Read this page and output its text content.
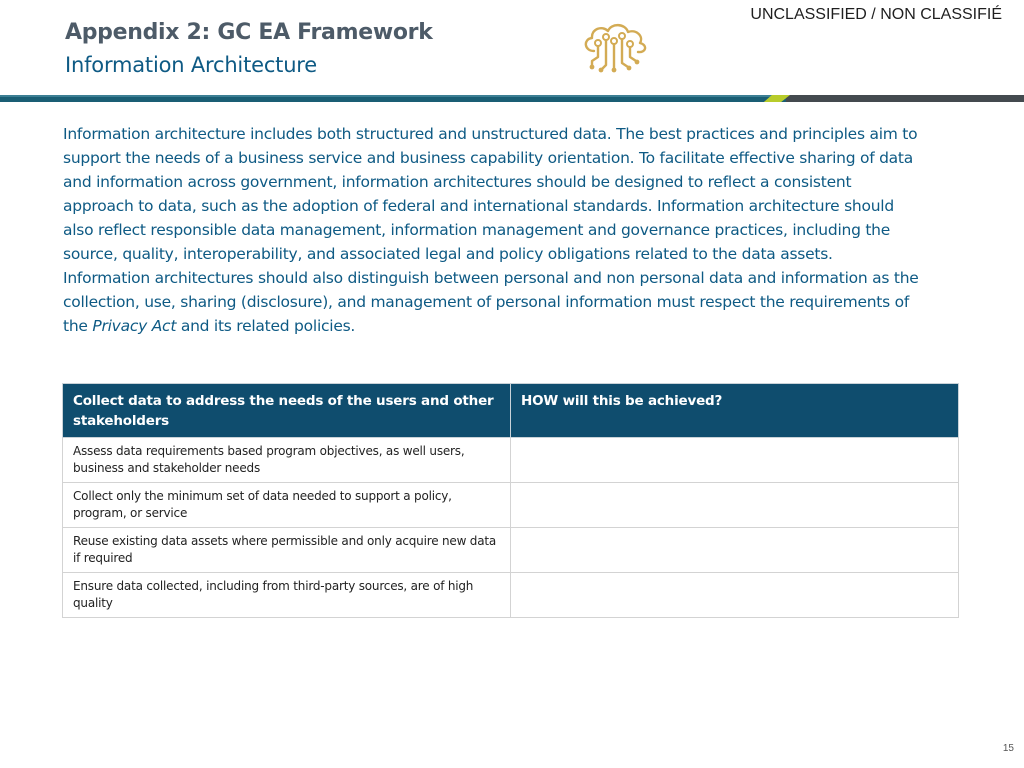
UNCLASSIFIED / NON CLASSIFIÉ
Appendix 2: GC EA Framework
Information Architecture

Information architecture includes both structured and unstructured data. The best practices and principles aim to support the needs of a business service and business capability orientation. To facilitate effective sharing of data and information across government, information architectures should be designed to reflect a consistent approach to data, such as the adoption of federal and international standards. Information architecture should also reflect responsible data management, information management and governance practices, including the source, quality, interoperability, and associated legal and policy obligations related to the data assets. Information architectures should also distinguish between personal and non personal data and information as the collection, use, sharing (disclosure), and management of personal information must respect the requirements of the Privacy Act and its related policies.

Collect data to address the needs of the users and other stakeholders	HOW will this be achieved?
Assess data requirements based program objectives, as well users, business and stakeholder needs	
Collect only the minimum set of data needed to support a policy, program, or service	
Reuse existing data assets where permissible and only acquire new data if required	
Ensure data collected, including from third-party sources, are of high quality	
15
